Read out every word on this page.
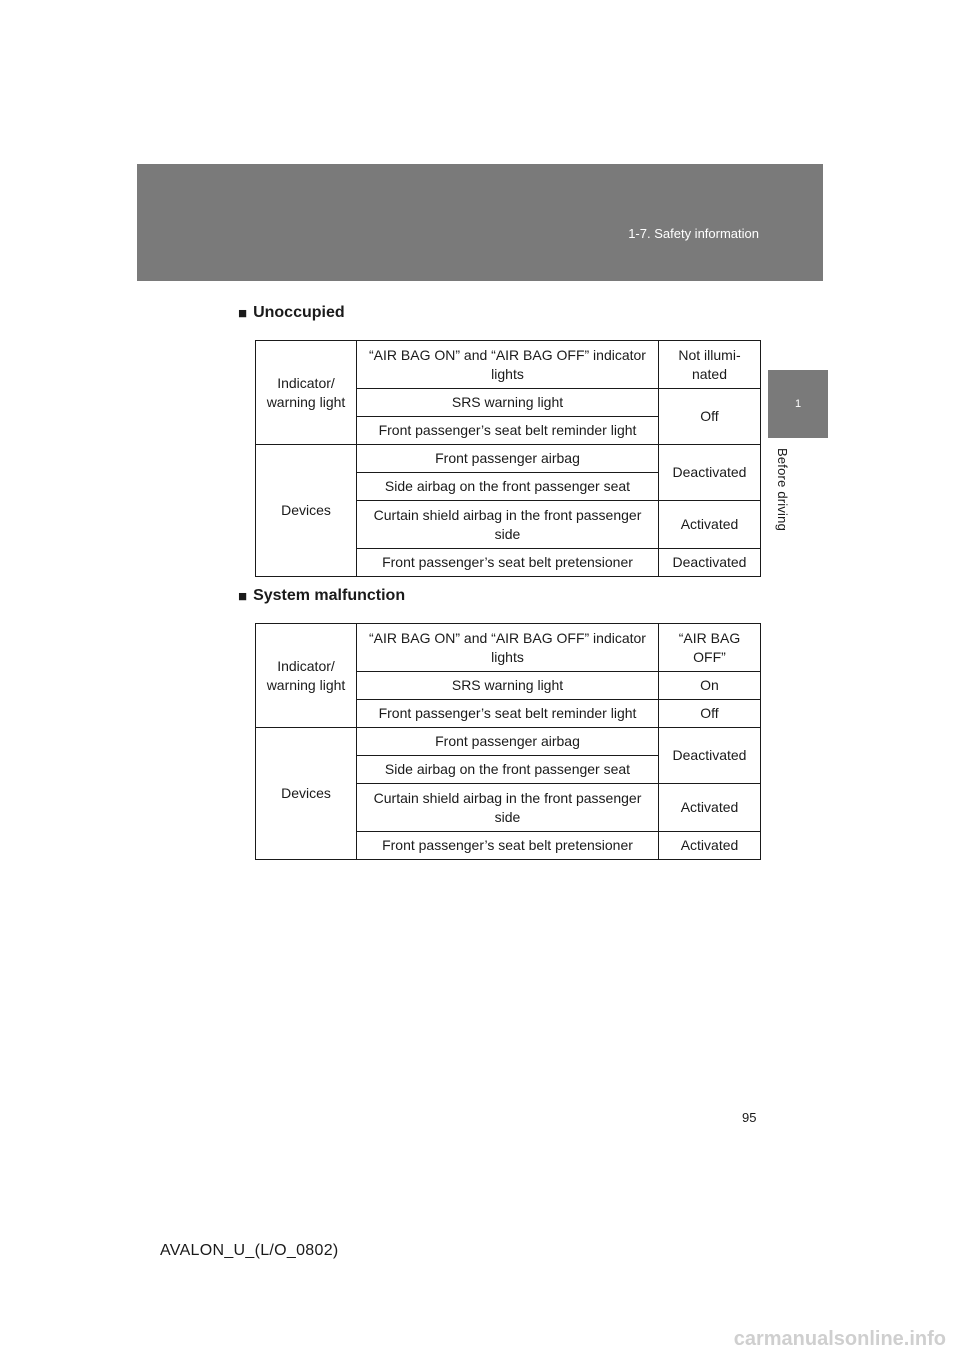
1-7. Safety information
1
Before driving
■ Unoccupied
Indicator/ warning light	“AIR BAG ON” and “AIR BAG OFF” indicator lights	Not illumi- nated
	SRS warning light	Off
	Front passenger’s seat belt reminder light	
Devices	Front passenger airbag	Deactivated
	Side airbag on the front passenger seat	
	Curtain shield airbag in the front passenger side	Activated
	Front passenger’s seat belt pretensioner	Deactivated
■ System malfunction
Indicator/ warning light	“AIR BAG ON” and “AIR BAG OFF” indicator lights	“AIR BAG OFF”
	SRS warning light	On
	Front passenger’s seat belt reminder light	Off
Devices	Front passenger airbag	Deactivated
	Side airbag on the front passenger seat	
	Curtain shield airbag in the front passenger side	Activated
	Front passenger’s seat belt pretensioner	Activated
95
AVALON_U_(L/O_0802)
carmanualsonline.info
